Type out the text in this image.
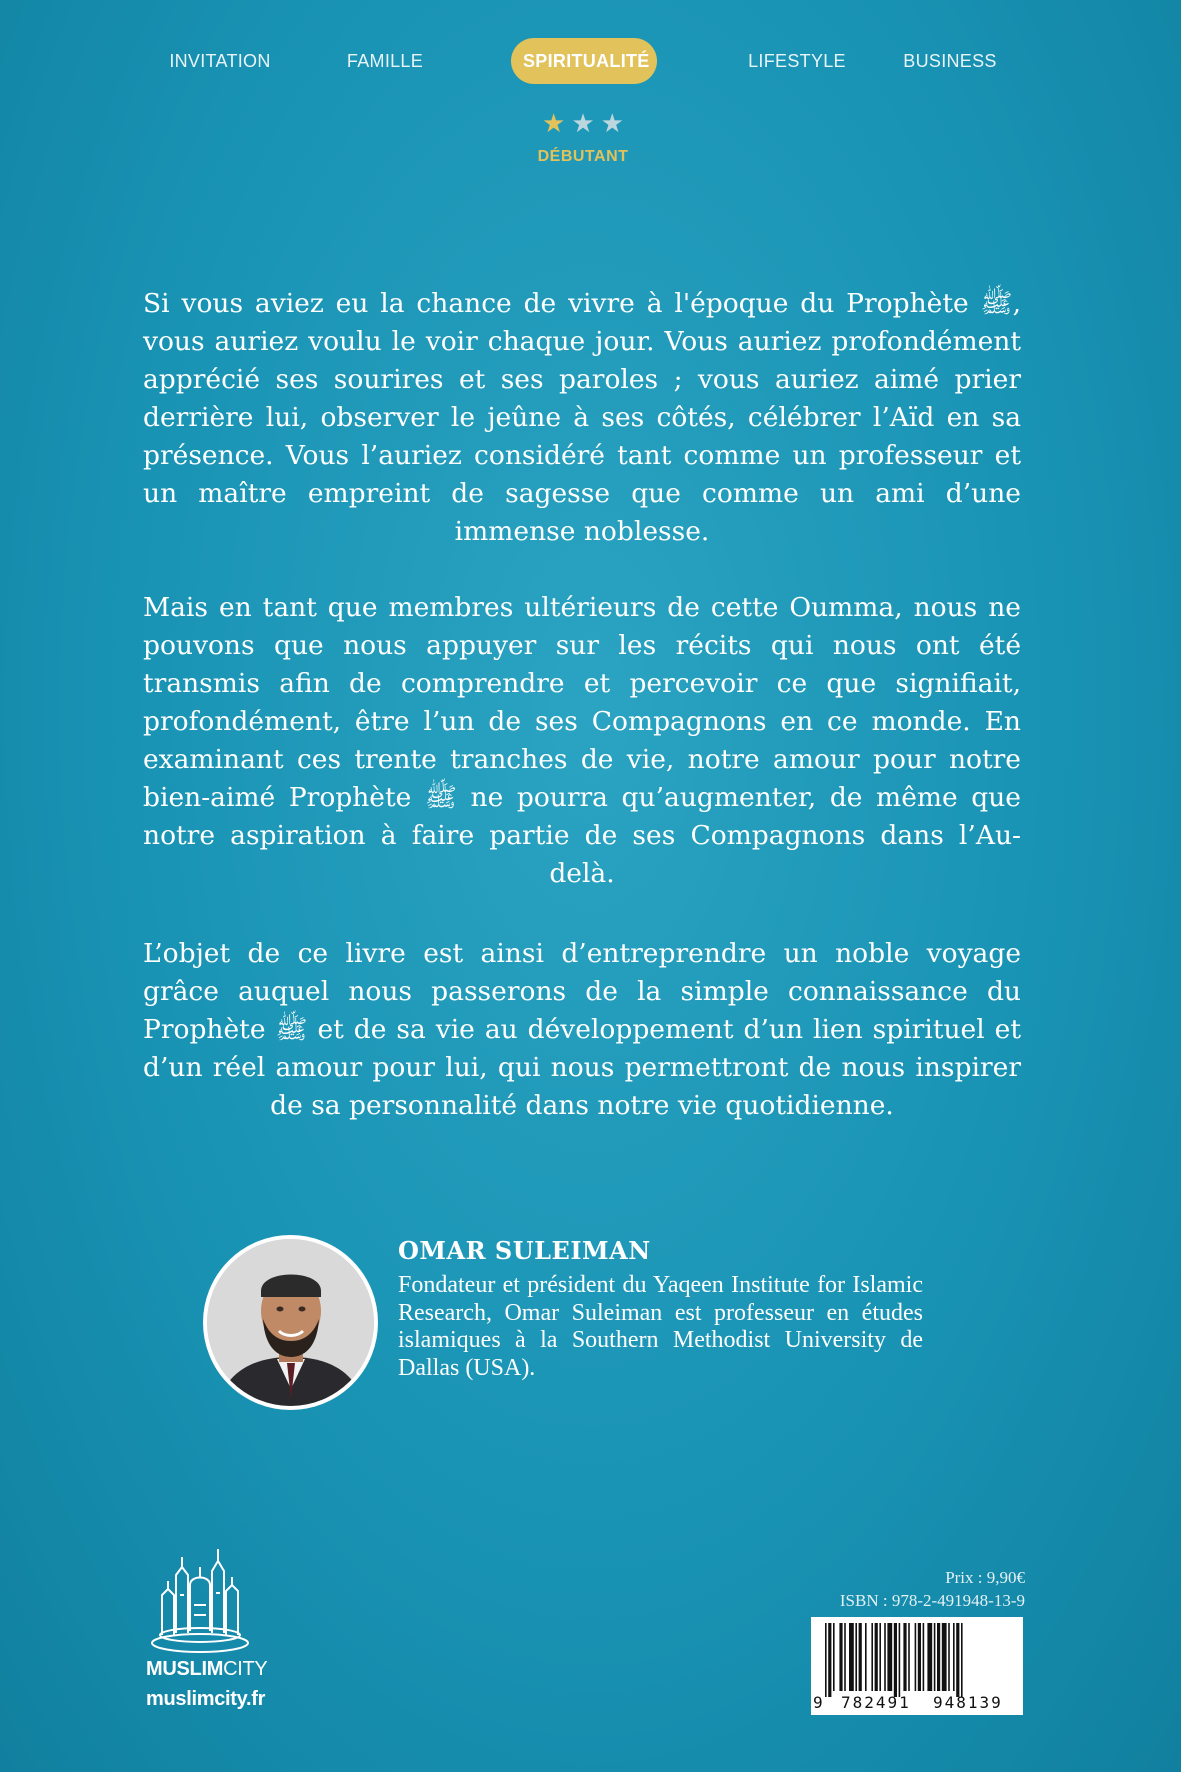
INVITATION	FAMILLE	SPIRITUALITÉ	LIFESTYLE	BUSINESS
★ ★ ★
DÉBUTANT

Si vous aviez eu la chance de vivre à l'époque du Prophète ﷺ, vous auriez voulu le voir chaque jour. Vous auriez profondément apprécié ses sourires et ses paroles ; vous auriez aimé prier derrière lui, observer le jeûne à ses côtés, célébrer l’Aïd en sa présence. Vous l’auriez considéré tant comme un professeur et un maître empreint de sagesse que comme un ami d’une immense noblesse.

Mais en tant que membres ultérieurs de cette Oumma, nous ne pouvons que nous appuyer sur les récits qui nous ont été transmis afin de comprendre et percevoir ce que signifiait, profondément, être l’un de ses Compagnons en ce monde. En examinant ces trente tranches de vie, notre amour pour notre bien-aimé Prophète ﷺ ne pourra qu’augmenter, de même que notre aspiration à faire partie de ses Compagnons dans l’Au-delà.

L’objet de ce livre est ainsi d’entreprendre un noble voyage grâce auquel nous passerons de la simple connaissance du Prophète ﷺ et de sa vie au développement d’un lien spirituel et d’un réel amour pour lui, qui nous permettront de nous inspirer de sa personnalité dans notre vie quotidienne.

OMAR SULEIMAN

Fondateur et président du Yaqeen Institute for Islamic Research, Omar Suleiman est professeur en études islamiques à la Southern Methodist University de Dallas (USA).

MUSLIMCITY
muslimcity.fr
Prix : 9,90€
ISBN : 978-2-491948-13-9
9 782491 948139
